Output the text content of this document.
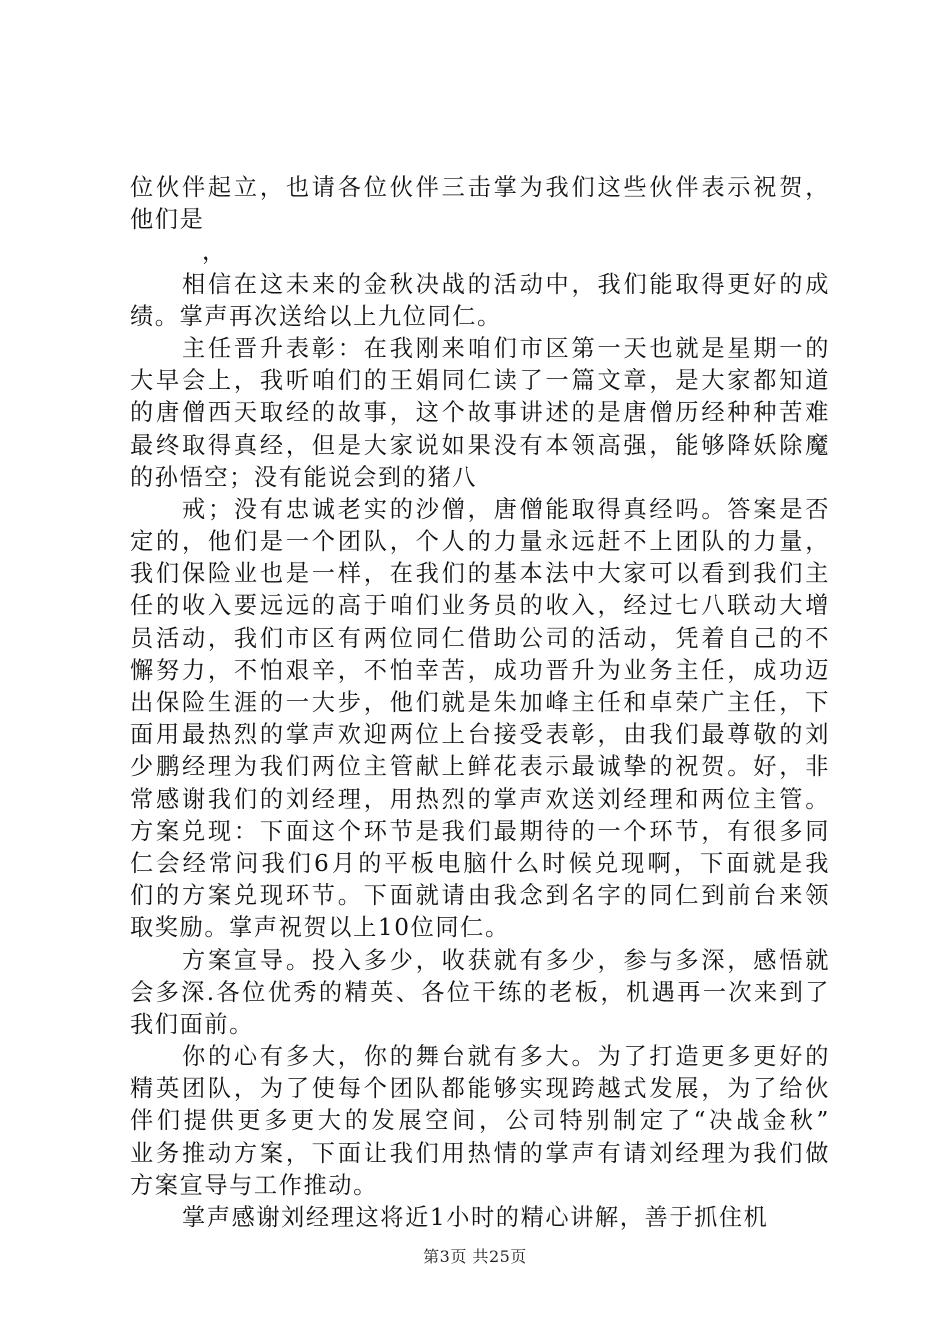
位伙伴起立，也请各位伙伴三击掌为我们这些伙伴表示祝贺，
他们是
，
相信在这未来的金秋决战的活动中，我们能取得更好的成
绩。掌声再次送给以上九位同仁。
主任晋升表彰：在我刚来咱们市区第一天也就是星期一的
大早会上，我听咱们的王娟同仁读了一篇文章，是大家都知道
的唐僧西天取经的故事，这个故事讲述的是唐僧历经种种苦难
最终取得真经，但是大家说如果没有本领高强，能够降妖除魔
的孙悟空；没有能说会到的猪八
戒；没有忠诚老实的沙僧，唐僧能取得真经吗。答案是否
定的，他们是一个团队，个人的力量永远赶不上团队的力量，
我们保险业也是一样，在我们的基本法中大家可以看到我们主
任的收入要远远的高于咱们业务员的收入，经过七八联动大增
员活动，我们市区有两位同仁借助公司的活动，凭着自己的不
懈努力，不怕艰辛，不怕幸苦，成功晋升为业务主任，成功迈
出保险生涯的一大步，他们就是朱加峰主任和卓荣广主任，下
面用最热烈的掌声欢迎两位上台接受表彰，由我们最尊敬的刘
少鹏经理为我们两位主管献上鲜花表示最诚挚的祝贺。好，非
常感谢我们的刘经理，用热烈的掌声欢送刘经理和两位主管。
方案兑现：下面这个环节是我们最期待的一个环节，有很多同
仁会经常问我们6月的平板电脑什么时候兑现啊，下面就是我
们的方案兑现环节。下面就请由我念到名字的同仁到前台来领
取奖励。掌声祝贺以上10位同仁。
方案宣导。投入多少，收获就有多少，参与多深，感悟就
会多深.各位优秀的精英、各位干练的老板，机遇再一次来到了
我们面前。
你的心有多大，你的舞台就有多大。为了打造更多更好的
精英团队，为了使每个团队都能够实现跨越式发展，为了给伙
伴们提供更多更大的发展空间，公司特别制定了“决战金秋”
业务推动方案，下面让我们用热情的掌声有请刘经理为我们做
方案宣导与工作推动。
掌声感谢刘经理这将近1小时的精心讲解，善于抓住机
第3页 共25页
